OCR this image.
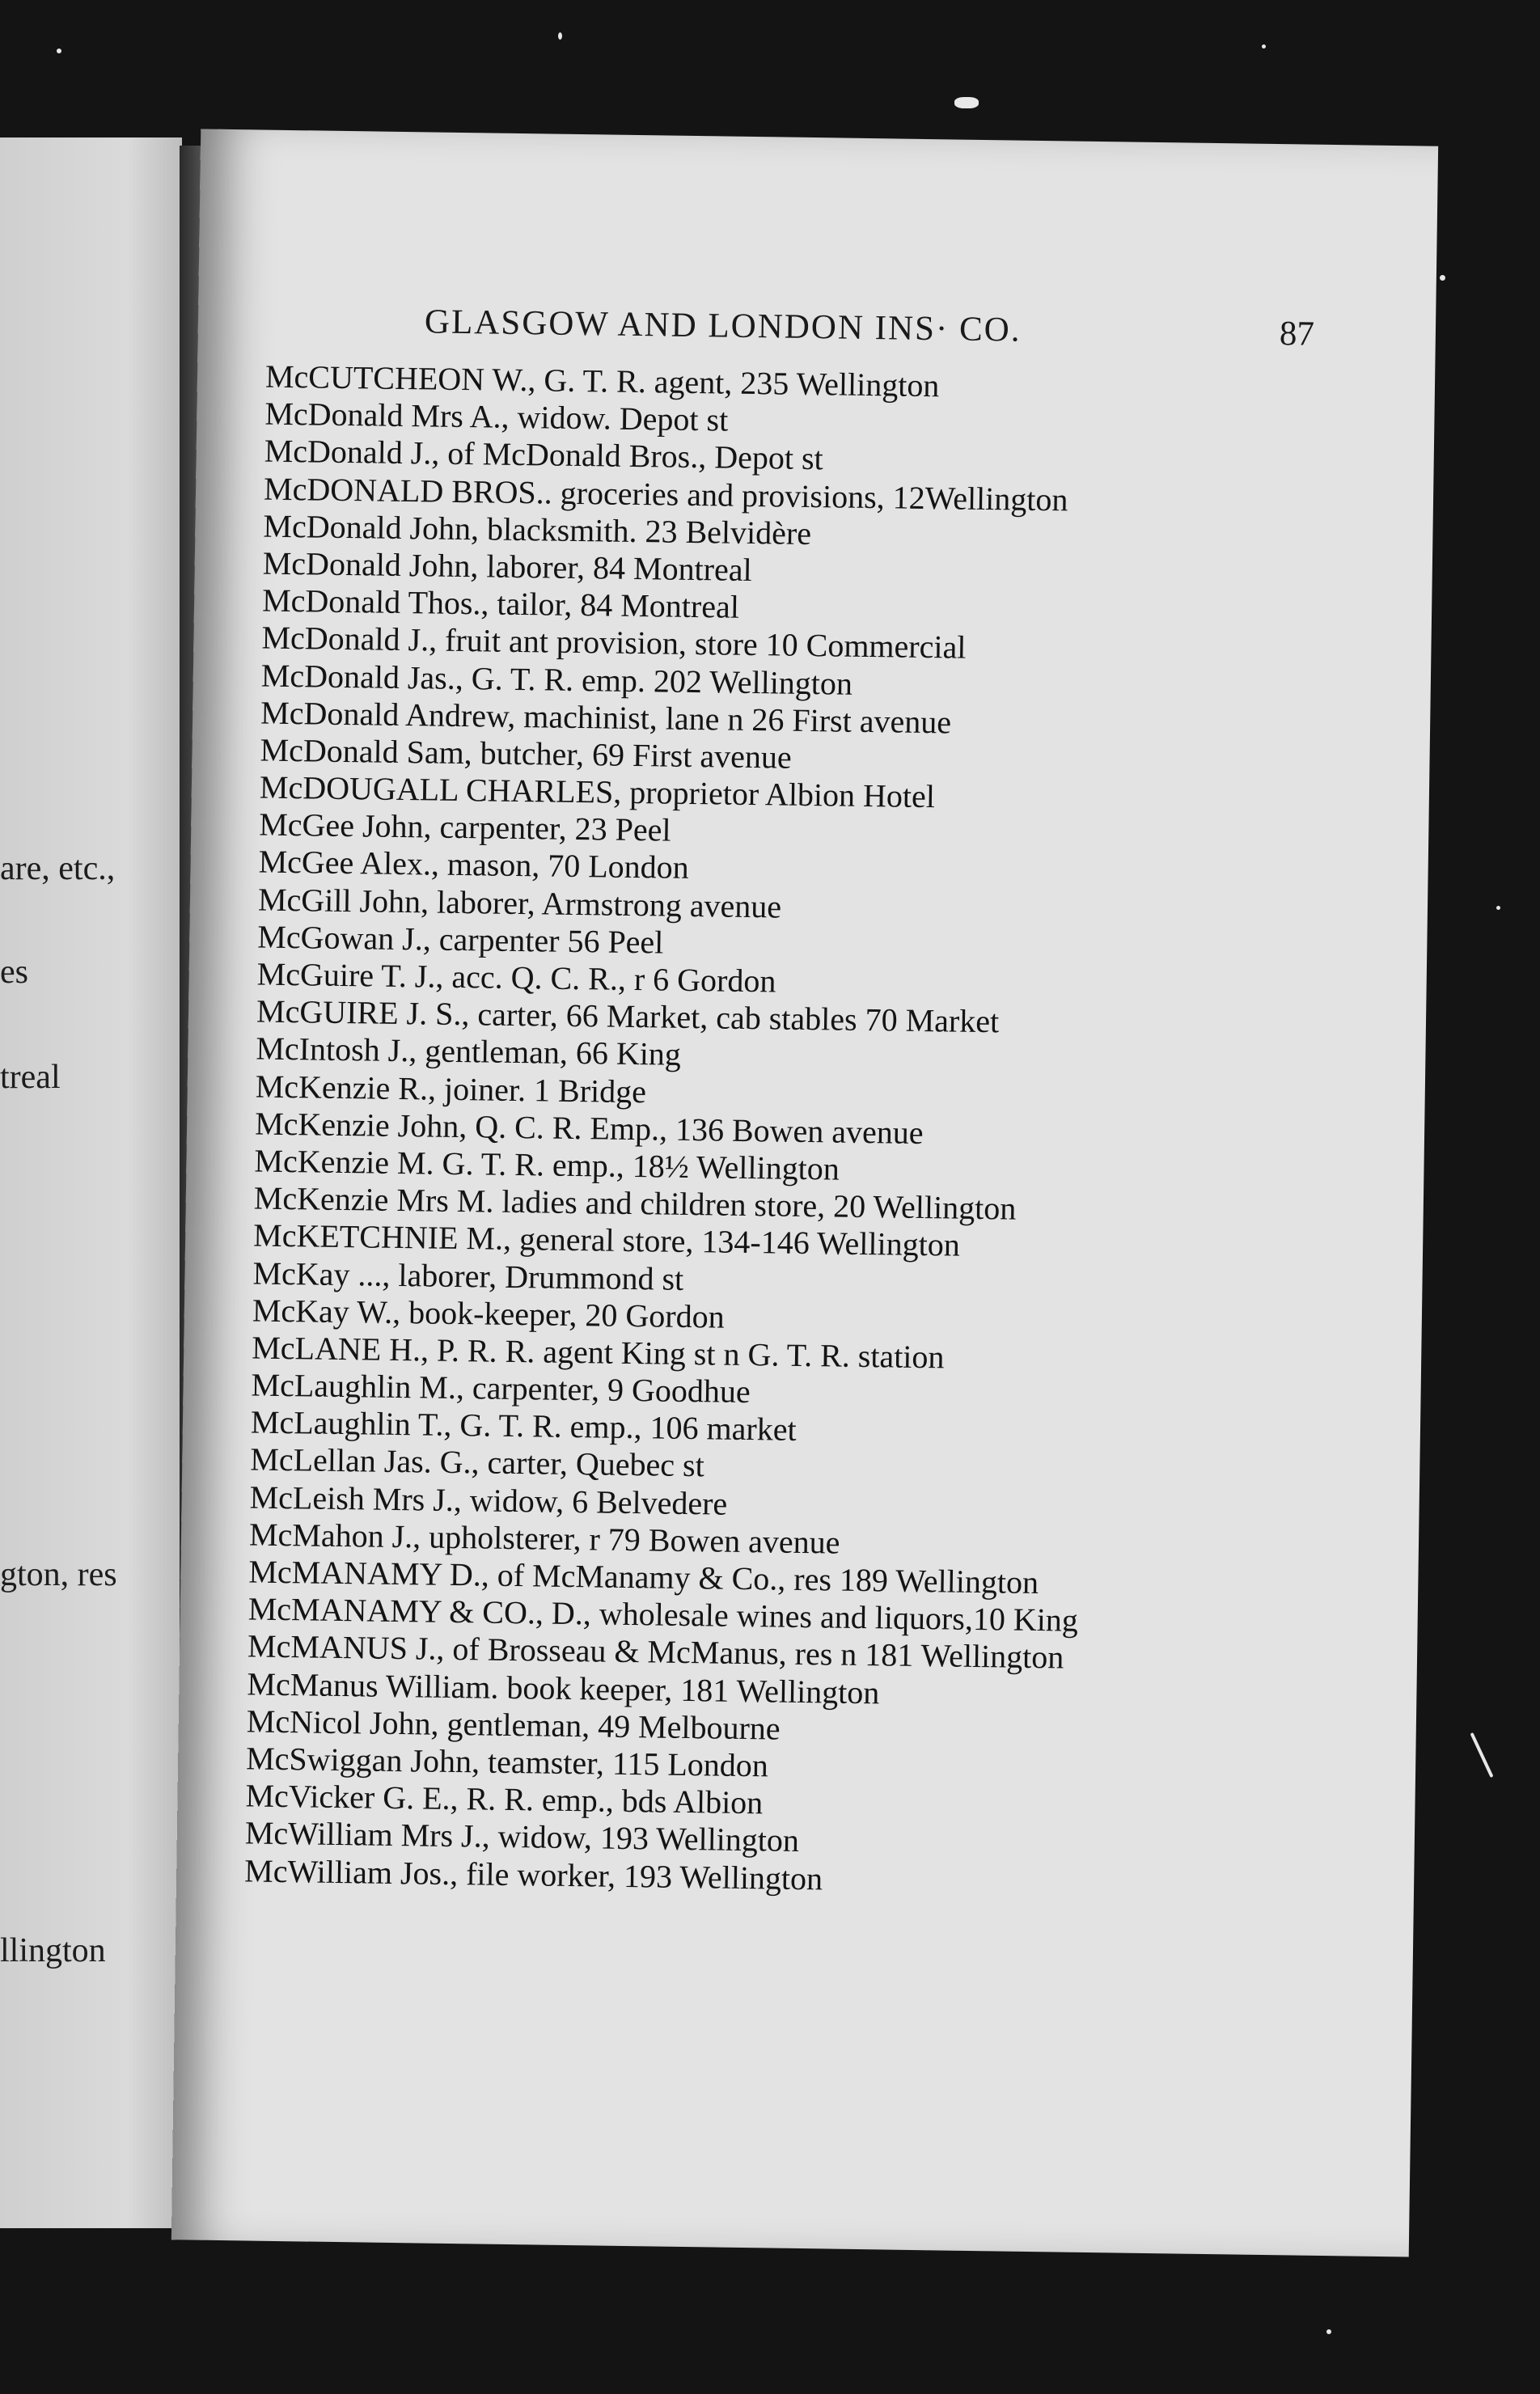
are, etc.,
es
treal
gton, res
llington
GLASGOW AND LONDON INS· CO.	87
McCUTCHEON W., G. T. R. agent, 235 Wellington
McDonald Mrs A., widow. Depot st
McDonald J., of McDonald Bros., Depot st
McDONALD BROS.. groceries and provisions, 12Wellington
McDonald John, blacksmith. 23 Belvidère
McDonald John, laborer, 84 Montreal
McDonald Thos., tailor, 84 Montreal
McDonald J., fruit ant provision, store 10 Commercial
McDonald Jas., G. T. R. emp. 202 Wellington
McDonald Andrew, machinist, lane n 26 First avenue
McDonald Sam, butcher, 69 First avenue
McDOUGALL CHARLES, proprietor Albion Hotel
McGee John, carpenter, 23 Peel
McGee Alex., mason, 70 London
McGill John, laborer, Armstrong avenue
McGowan J., carpenter 56 Peel
McGuire T. J., acc. Q. C. R., r 6 Gordon
McGUIRE J. S., carter, 66 Market, cab stables 70 Market
McIntosh J., gentleman, 66 King
McKenzie R., joiner. 1 Bridge
McKenzie John, Q. C. R. Emp., 136 Bowen avenue
McKenzie M. G. T. R. emp., 18½ Wellington
McKenzie Mrs M. ladies and children store, 20 Wellington
McKETCHNIE M., general store, 134-146 Wellington
McKay ..., laborer, Drummond st
McKay W., book-keeper, 20 Gordon
McLANE H., P. R. R. agent King st n G. T. R. station
McLaughlin M., carpenter, 9 Goodhue
McLaughlin T., G. T. R. emp., 106 market
McLellan Jas. G., carter, Quebec st
McLeish Mrs J., widow, 6 Belvedere
McMahon J., upholsterer, r 79 Bowen avenue
McMANAMY D., of McManamy & Co., res 189 Wellington
McMANAMY & CO., D., wholesale wines and liquors,10 King
McMANUS J., of Brosseau & McManus, res n 181 Wellington
McManus William. book keeper, 181 Wellington
McNicol John, gentleman, 49 Melbourne
McSwiggan John, teamster, 115 London
McVicker G. E., R. R. emp., bds Albion
McWilliam Mrs J., widow, 193 Wellington
McWilliam Jos., file worker, 193 Wellington
